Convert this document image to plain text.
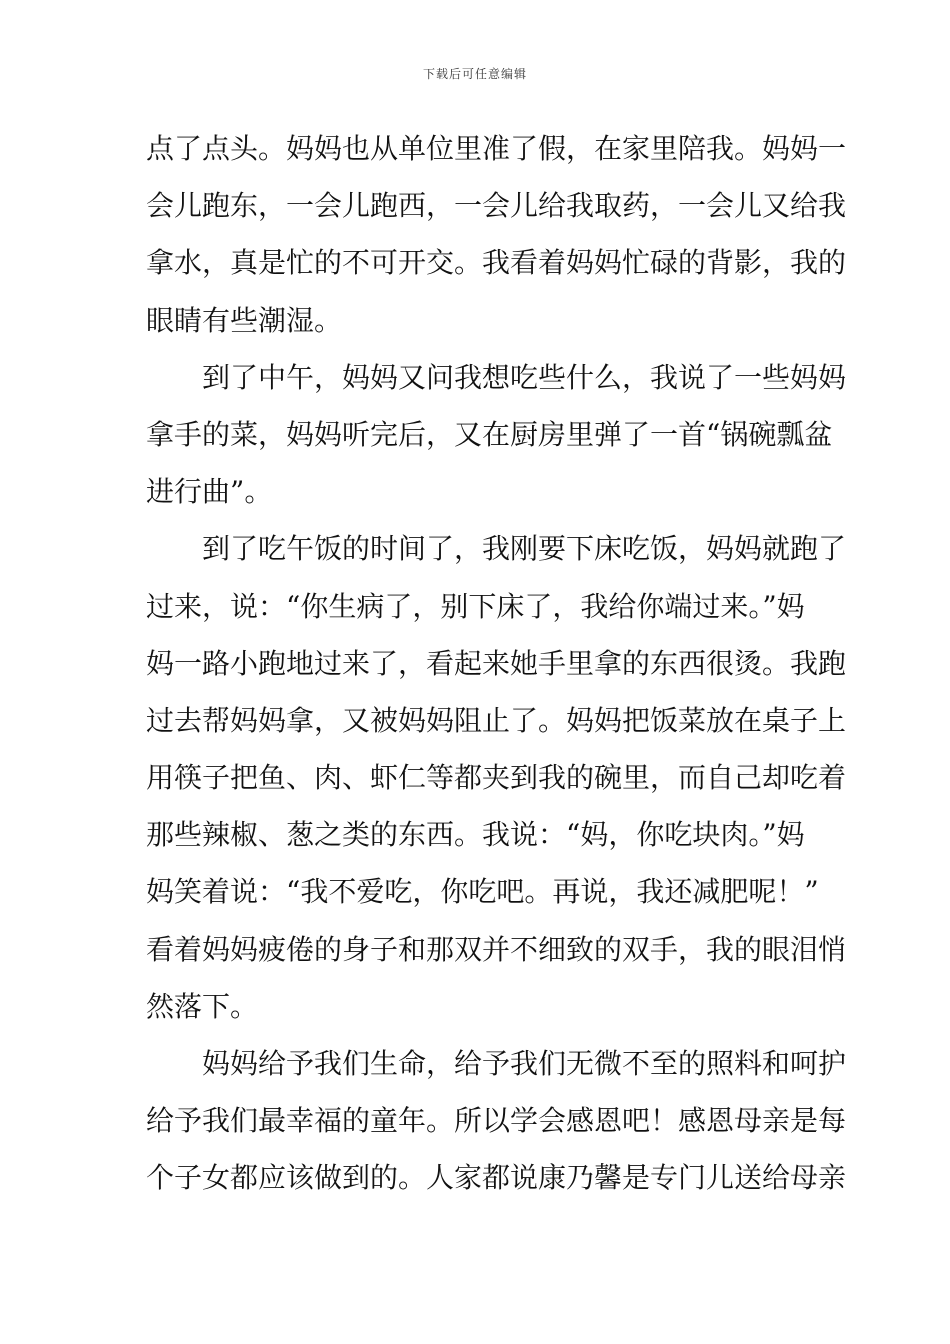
下载后可任意编辑
点了点头。妈妈也从单位里准了假，在家里陪我。妈妈一
会儿跑东，一会儿跑西，一会儿给我取药，一会儿又给我
拿水，真是忙的不可开交。我看着妈妈忙碌的背影，我的
眼睛有些潮湿。
　　到了中午，妈妈又问我想吃些什么，我说了一些妈妈
拿手的菜，妈妈听完后，又在厨房里弹了一首“锅碗瓢盆
进行曲”。
　　到了吃午饭的时间了，我刚要下床吃饭，妈妈就跑了
过来，说：“你生病了，别下床了，我给你端过来。”妈
妈一路小跑地过来了，看起来她手里拿的东西很烫。我跑
过去帮妈妈拿，又被妈妈阻止了。妈妈把饭菜放在桌子上
用筷子把鱼、肉、虾仁等都夹到我的碗里，而自己却吃着
那些辣椒、葱之类的东西。我说：“妈，你吃块肉。”妈
妈笑着说：“我不爱吃，你吃吧。再说，我还减肥呢！”
看着妈妈疲倦的身子和那双并不细致的双手，我的眼泪悄
然落下。
　　妈妈给予我们生命，给予我们无微不至的照料和呵护
给予我们最幸福的童年。所以学会感恩吧！感恩母亲是每
个子女都应该做到的。人家都说康乃馨是专门儿送给母亲
